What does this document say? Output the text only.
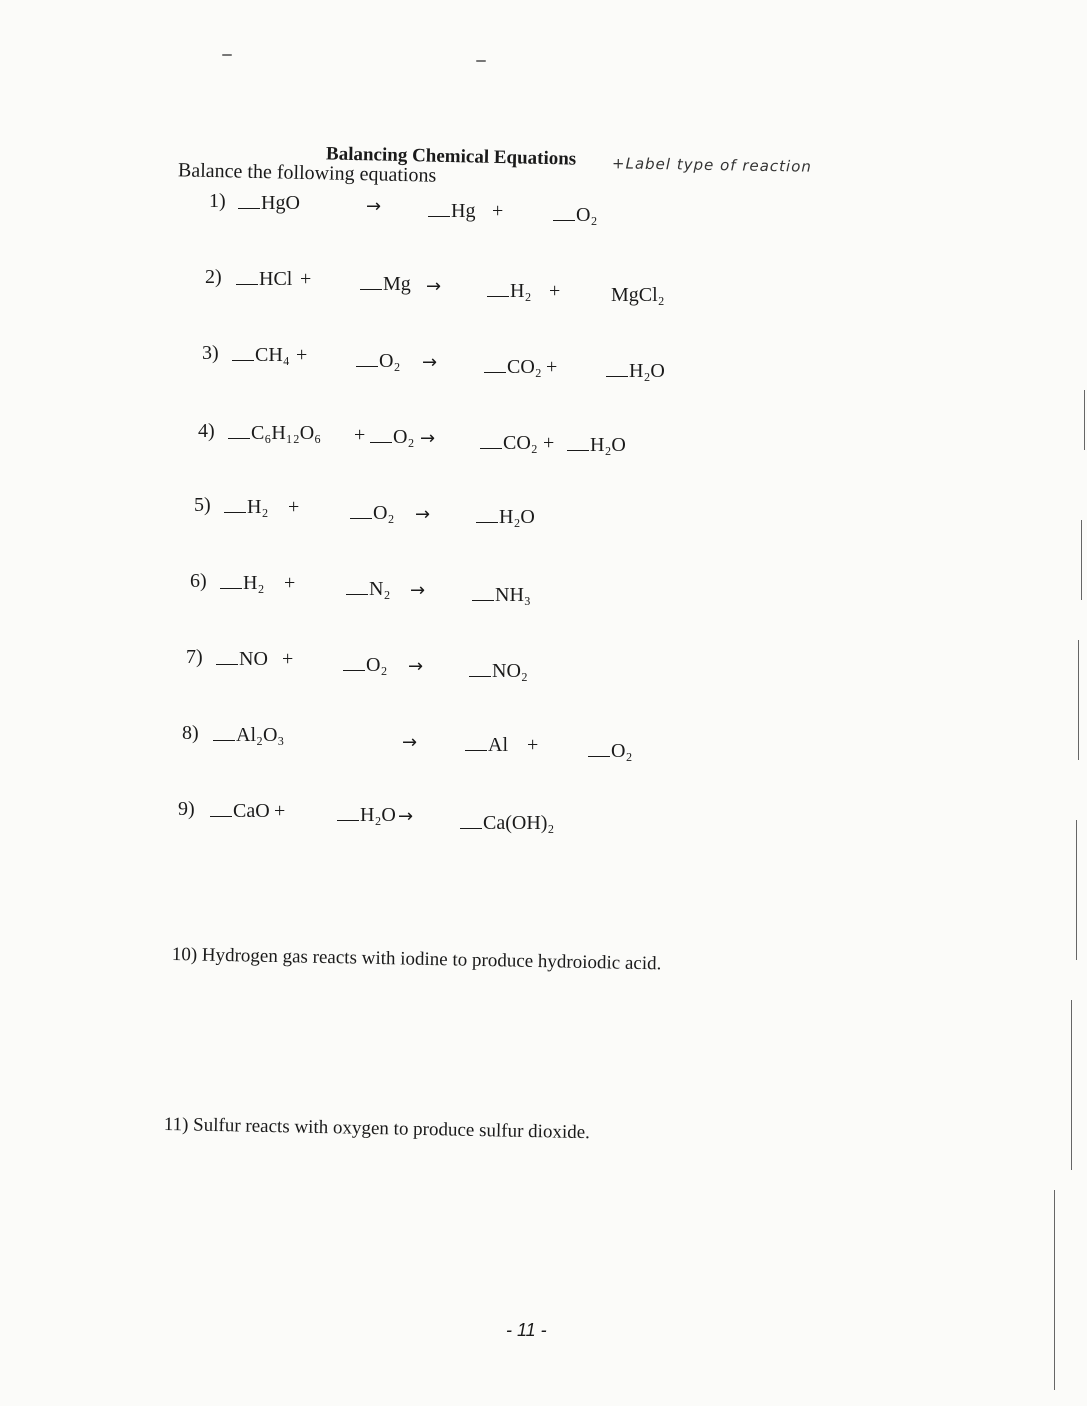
Balancing Chemical Equations +Label type of reaction
Balance the following equations
1)	HgO	→	Hg +	O₂
2)	HCl +	Mg →	H₂ +	MgCl₂
3)	CH₄ +	O₂ →	CO₂ +	H₂O
4)	C₆H₁₂O₆ +	O₂ →	CO₂ +	H₂O
5)	H₂ +	O₂ →	H₂O
6)	H₂ +	N₂ →	NH₃
7)	NO +	O₂ →	NO₂
8)	Al₂O₃	→	Al +	O₂
9)	CaO +	H₂O →	Ca(OH)₂
10) Hydrogen gas reacts with iodine to produce hydroiodic acid.
11) Sulfur reacts with oxygen to produce sulfur dioxide.
- 11 -
